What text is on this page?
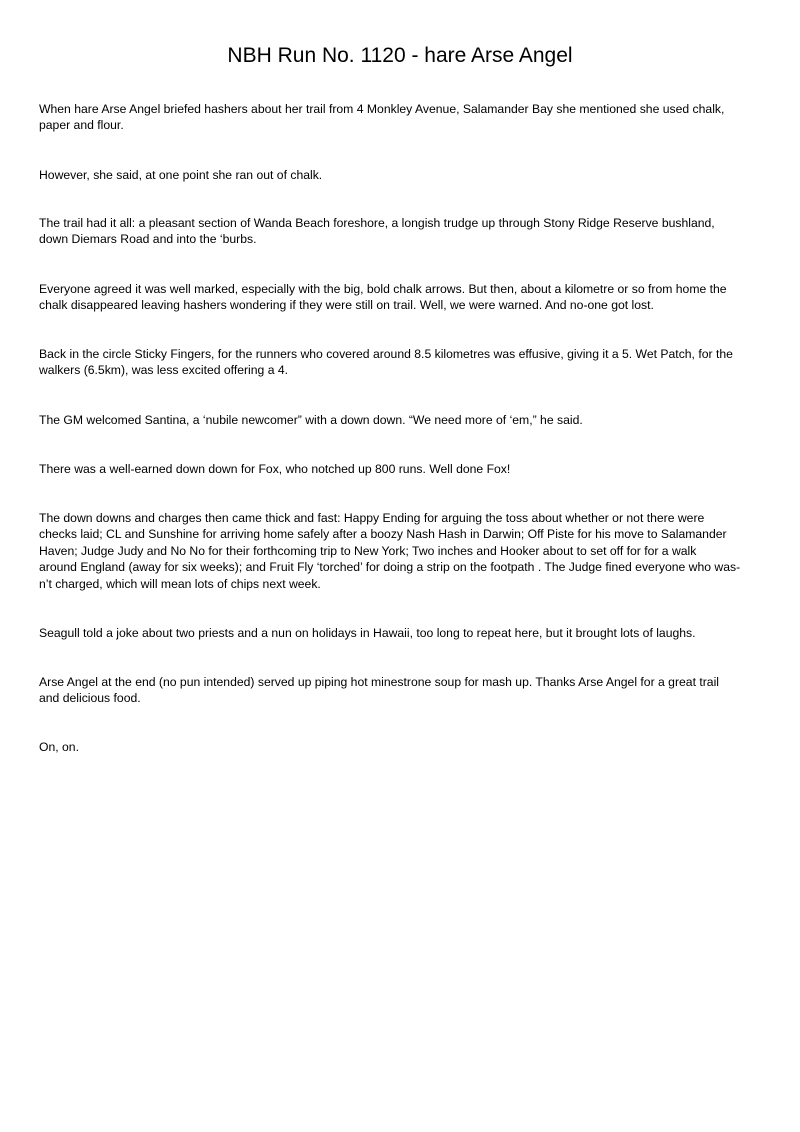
NBH Run No. 1120 - hare Arse Angel

When hare Arse Angel briefed hashers about her trail from 4 Monkley Avenue, Salamander Bay she mentioned she used chalk,
paper and flour.

However, she said, at one point she ran out of chalk.

The trail had it all: a pleasant section of Wanda Beach foreshore, a longish trudge up through Stony Ridge Reserve bushland,
down Diemars Road and into the ‘burbs.

Everyone agreed it was well marked, especially with the big, bold chalk arrows. But then, about a kilometre or so from home the
chalk disappeared leaving hashers wondering if they were still on trail. Well, we were warned. And no-one got lost.

Back in the circle Sticky Fingers, for the runners who covered around 8.5 kilometres was effusive, giving it a 5. Wet Patch, for the
walkers (6.5km), was less excited offering a 4.

The GM welcomed Santina, a ‘nubile newcomer” with a down down. “We need more of ‘em,” he said.

There was a well-earned down down for Fox, who notched up 800 runs. Well done Fox!

The down downs and charges then came thick and fast: Happy Ending for arguing the toss about whether or not there were
checks laid; CL and Sunshine for arriving home safely after a boozy Nash Hash in Darwin; Off Piste for his move to Salamander
Haven; Judge Judy and No No for their forthcoming trip to New York; Two inches and Hooker about to set off for for a walk
around England (away for six weeks); and Fruit Fly ‘torched’ for doing a strip on the footpath . The Judge fined everyone who was-
n’t charged, which will mean lots of chips next week.

Seagull told a joke about two priests and a nun on holidays in Hawaii, too long to repeat here, but it brought lots of laughs.

Arse Angel at the end (no pun intended) served up piping hot minestrone soup for mash up. Thanks Arse Angel for a great trail
and delicious food.

On, on.
